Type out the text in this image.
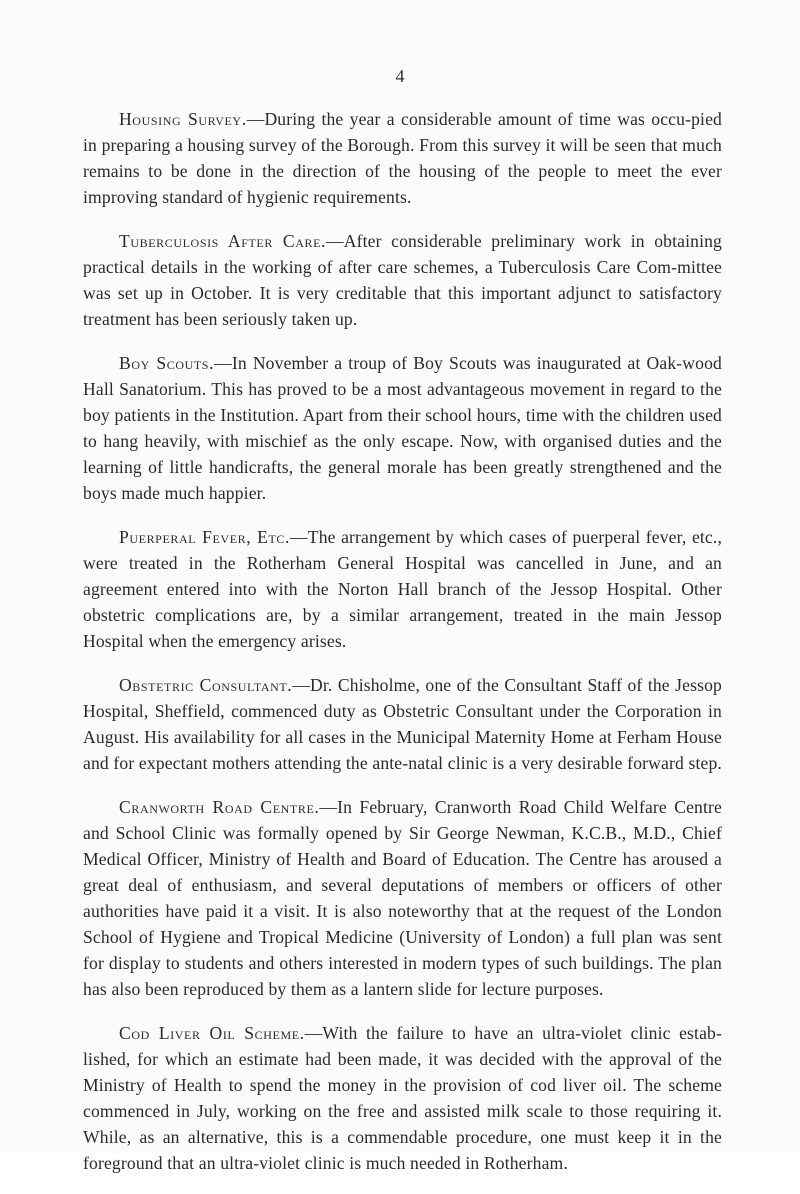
4

Housing Survey.—During the year a considerable amount of time was occu-pied in preparing a housing survey of the Borough. From this survey it will be seen that much remains to be done in the direction of the housing of the people to meet the ever improving standard of hygienic requirements.

Tuberculosis After Care.—After considerable preliminary work in obtaining practical details in the working of after care schemes, a Tuberculosis Care Com-mittee was set up in October. It is very creditable that this important adjunct to satisfactory treatment has been seriously taken up.

Boy Scouts.—In November a troup of Boy Scouts was inaugurated at Oak-wood Hall Sanatorium. This has proved to be a most advantageous movement in regard to the boy patients in the Institution. Apart from their school hours, time with the children used to hang heavily, with mischief as the only escape. Now, with organised duties and the learning of little handicrafts, the general morale has been greatly strengthened and the boys made much happier.

Puerperal Fever, Etc.—The arrangement by which cases of puerperal fever, etc., were treated in the Rotherham General Hospital was cancelled in June, and an agreement entered into with the Norton Hall branch of the Jessop Hospital. Other obstetric complications are, by a similar arrangement, treated in ιhe main Jessop Hospital when the emergency arises.

Obstetric Consultant.—Dr. Chisholme, one of the Consultant Staff of the Jessop Hospital, Sheffield, commenced duty as Obstetric Consultant under the Corporation in August. His availability for all cases in the Municipal Maternity Home at Ferham House and for expectant mothers attending the ante-natal clinic is a very desirable forward step.

Cranworth Road Centre.—In February, Cranworth Road Child Welfare Centre and School Clinic was formally opened by Sir George Newman, K.C.B., M.D., Chief Medical Officer, Ministry of Health and Board of Education. The Centre has aroused a great deal of enthusiasm, and several deputations of members or officers of other authorities have paid it a visit. It is also noteworthy that at the request of the London School of Hygiene and Tropical Medicine (University of London) a full plan was sent for display to students and others interested in modern types of such buildings. The plan has also been reproduced by them as a lantern slide for lecture purposes.

Cod Liver Oil Scheme.—With the failure to have an ultra-violet clinic estab-lished, for which an estimate had been made, it was decided with the approval of the Ministry of Health to spend the money in the provision of cod liver oil. The scheme commenced in July, working on the free and assisted milk scale to those requiring it. While, as an alternative, this is a commendable procedure, one must keep it in the foreground that an ultra-violet clinic is much needed in Rotherham.
